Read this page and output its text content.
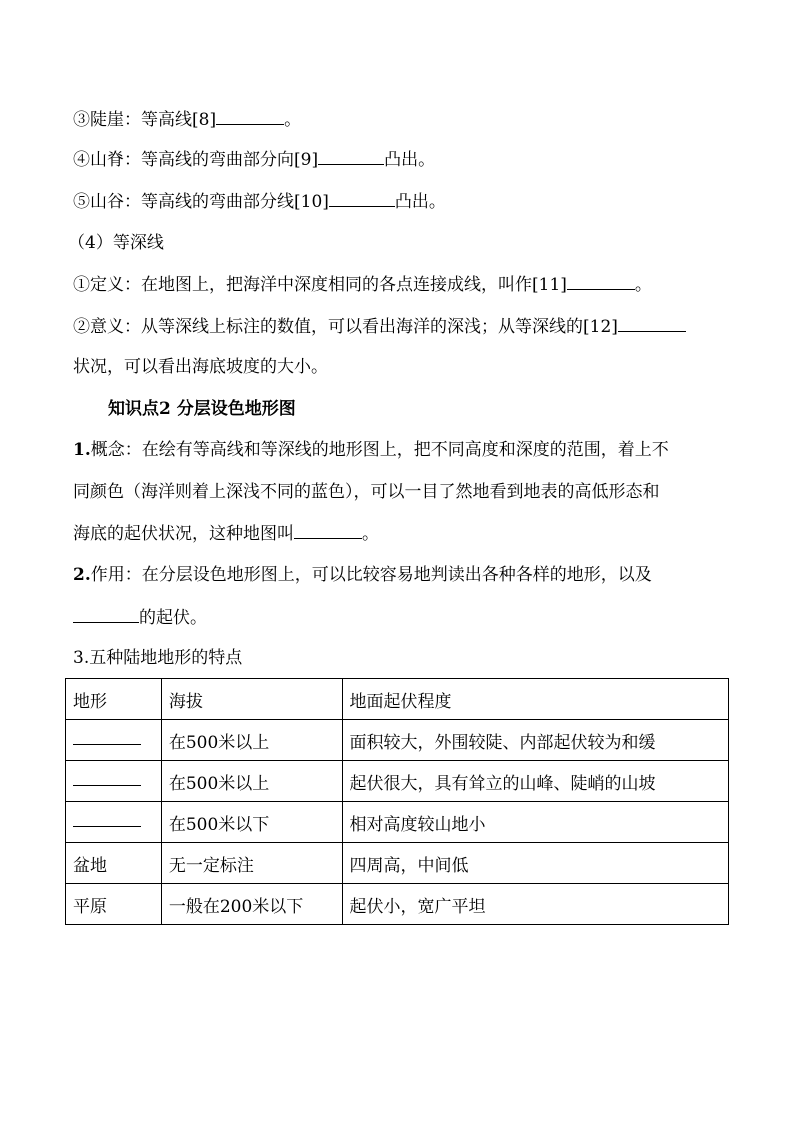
③陡崖：等高线[8]	。
④山脊：等高线的弯曲部分向[9]	凸出。
⑤山谷：等高线的弯曲部分线[10]	凸出。
（4）等深线
①定义：在地图上，把海洋中深度相同的各点连接成线，叫作[11]	。
②意义：从等深线上标注的数值，可以看出海洋的深浅；从等深线的[12]
状况，可以看出海底坡度的大小。
知识点2 分层设色地形图
1.概念：在绘有等高线和等深线的地形图上，把不同高度和深度的范围，着上不
同颜色（海洋则着上深浅不同的蓝色），可以一目了然地看到地表的高低形态和
海底的起伏状况，这种地图叫	。
2.作用：在分层设色地形图上，可以比较容易地判读出各种各样的地形，以及
的起伏。
3.五种陆地地形的特点
地形	海拔	地面起伏程度
	在500米以上	面积较大，外围较陡、内部起伏较为和缓
	在500米以上	起伏很大，具有耸立的山峰、陡峭的山坡
	在500米以下	相对高度较山地小
盆地	无一定标注	四周高，中间低
平原	一般在200米以下	起伏小，宽广平坦
